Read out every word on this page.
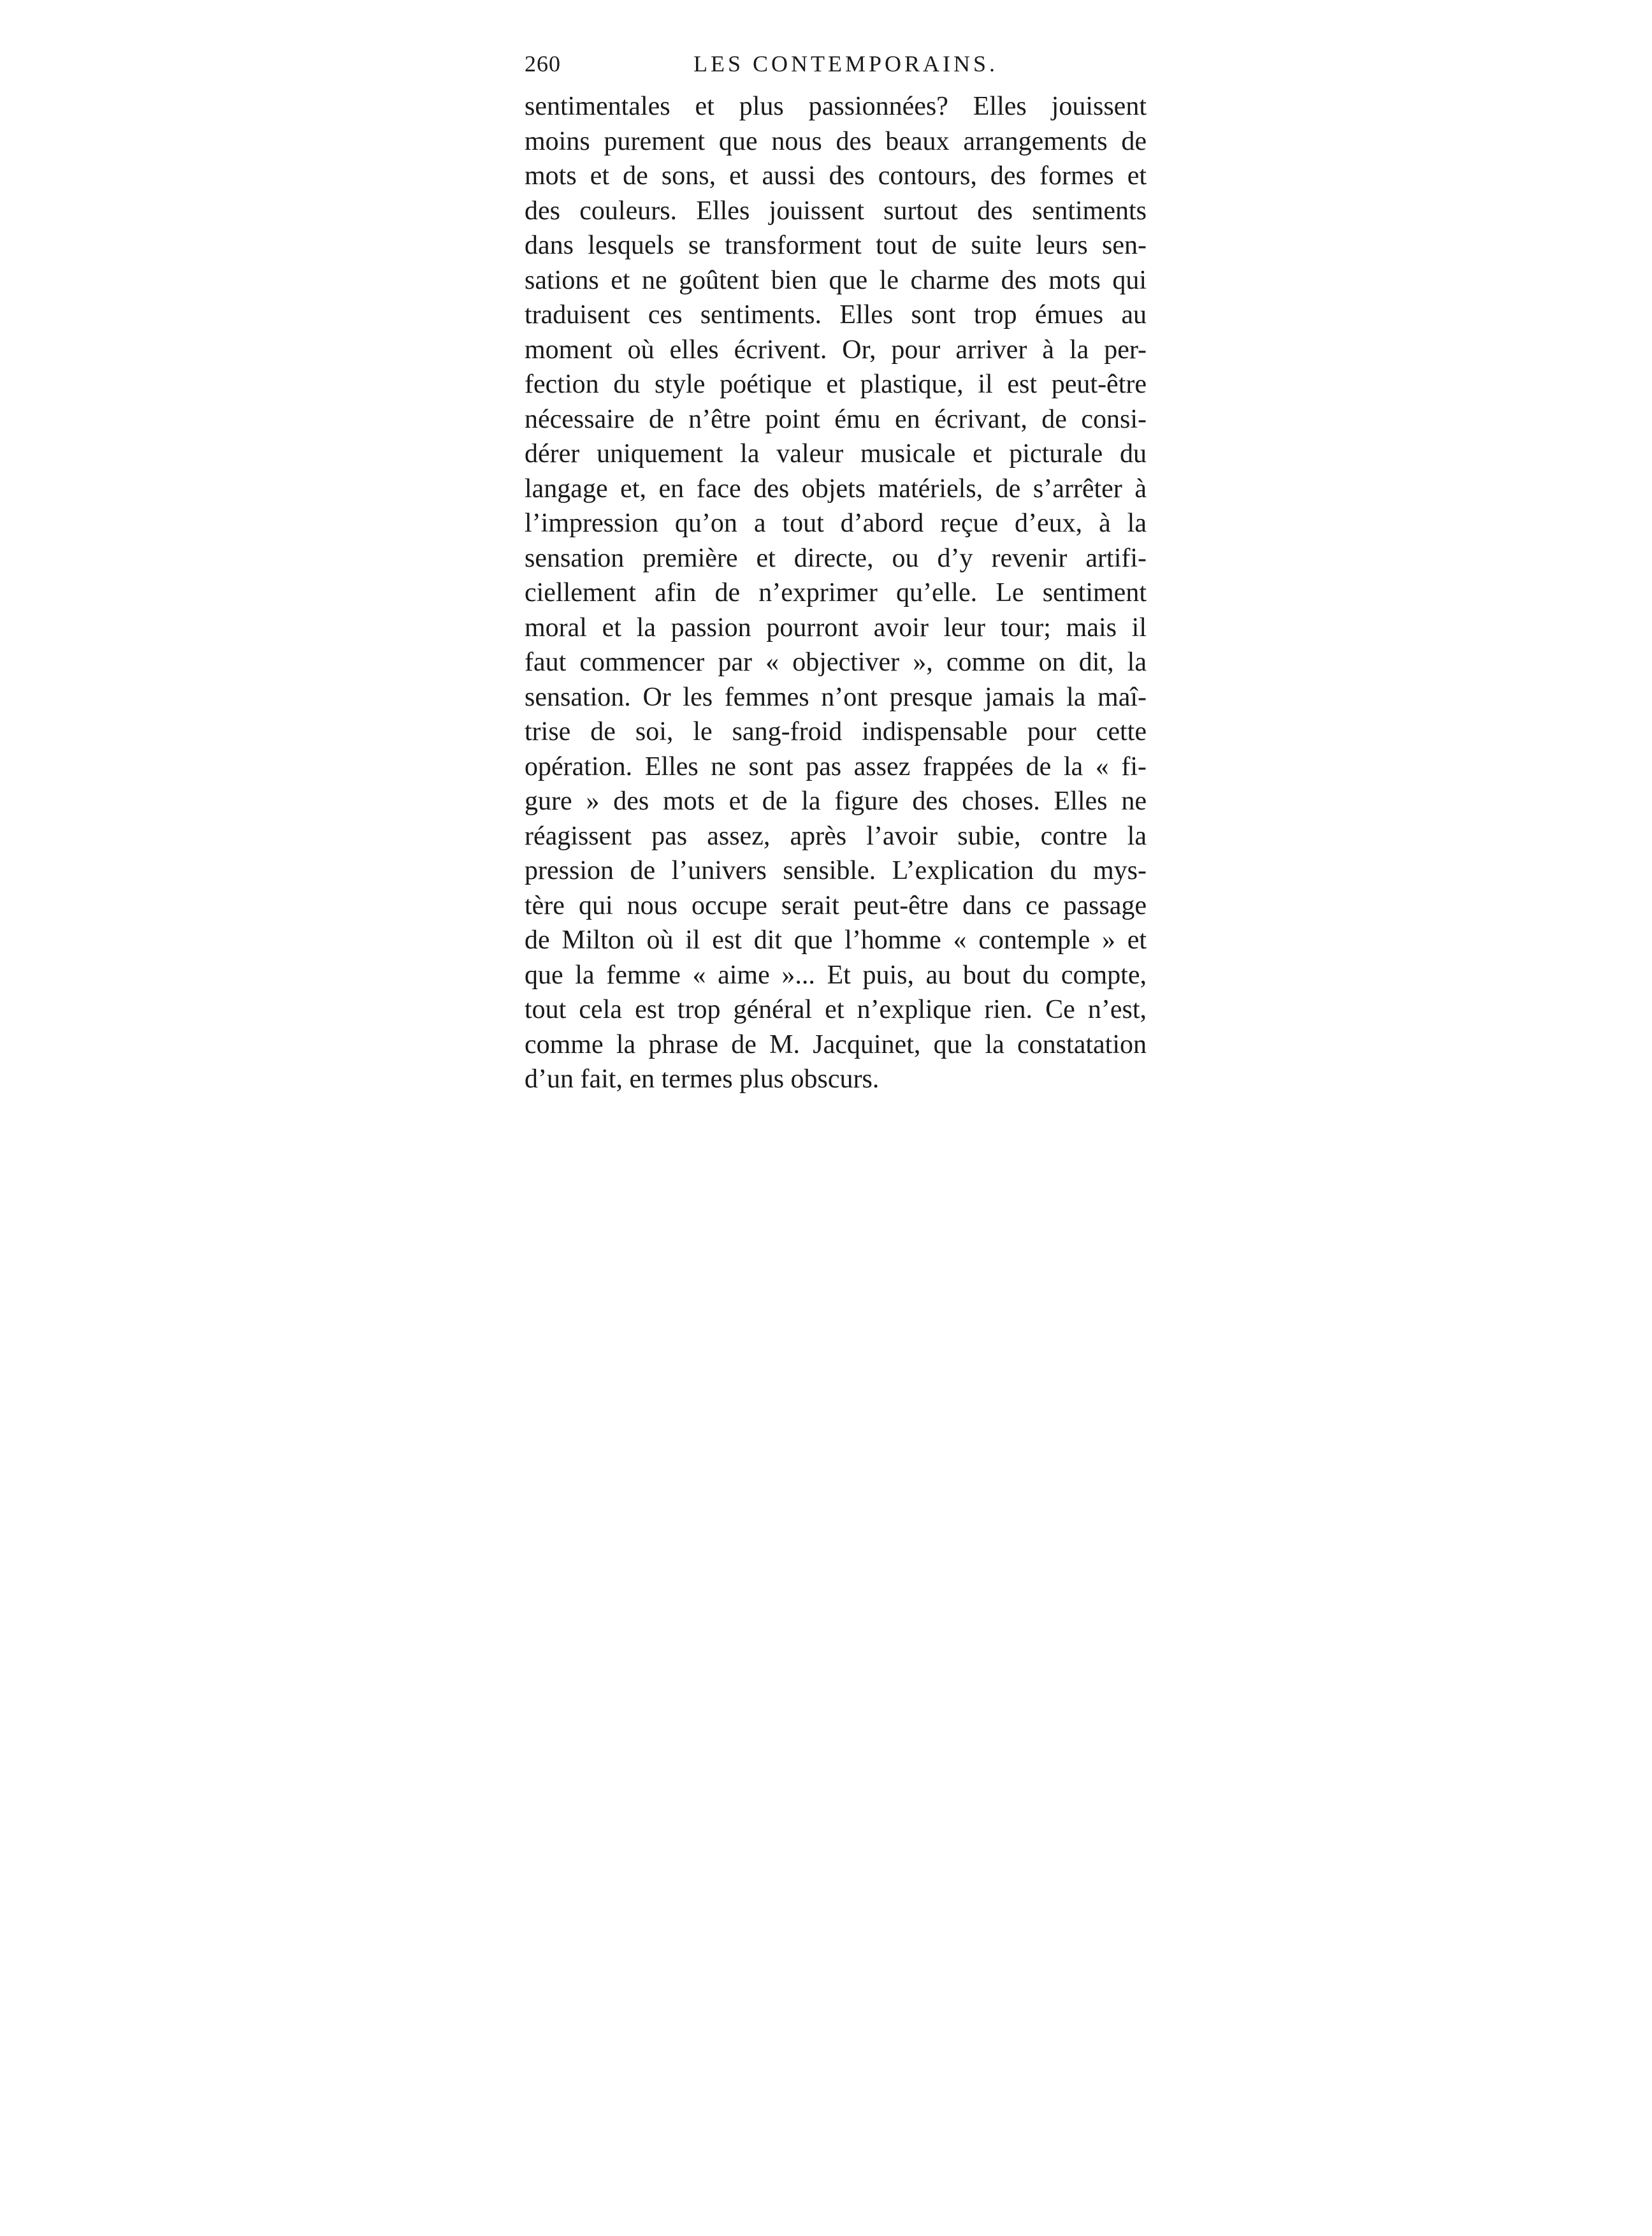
260	LES CONTEMPORAINS.
sentimentales et plus passionnées? Elles jouissent
moins purement que nous des beaux arrangements de
mots et de sons, et aussi des contours, des formes et
des couleurs. Elles jouissent surtout des sentiments
dans lesquels se transforment tout de suite leurs sen-
sations et ne goûtent bien que le charme des mots qui
traduisent ces sentiments. Elles sont trop émues au
moment où elles écrivent. Or, pour arriver à la per-
fection du style poétique et plastique, il est peut-être
nécessaire de n’être point ému en écrivant, de consi-
dérer uniquement la valeur musicale et picturale du
langage et, en face des objets matériels, de s’arrêter à
l’impression qu’on a tout d’abord reçue d’eux, à la
sensation première et directe, ou d’y revenir artifi-
ciellement afin de n’exprimer qu’elle. Le sentiment
moral et la passion pourront avoir leur tour; mais il
faut commencer par « objectiver », comme on dit, la
sensation. Or les femmes n’ont presque jamais la maî-
trise de soi, le sang-froid indispensable pour cette
opération. Elles ne sont pas assez frappées de la « fi-
gure » des mots et de la figure des choses. Elles ne
réagissent pas assez, après l’avoir subie, contre la
pression de l’univers sensible. L’explication du mys-
tère qui nous occupe serait peut-être dans ce passage
de Milton où il est dit que l’homme « contemple » et
que la femme « aime »... Et puis, au bout du compte,
tout cela est trop général et n’explique rien. Ce n’est,
comme la phrase de M. Jacquinet, que la constatation
d’un fait, en termes plus obscurs.
